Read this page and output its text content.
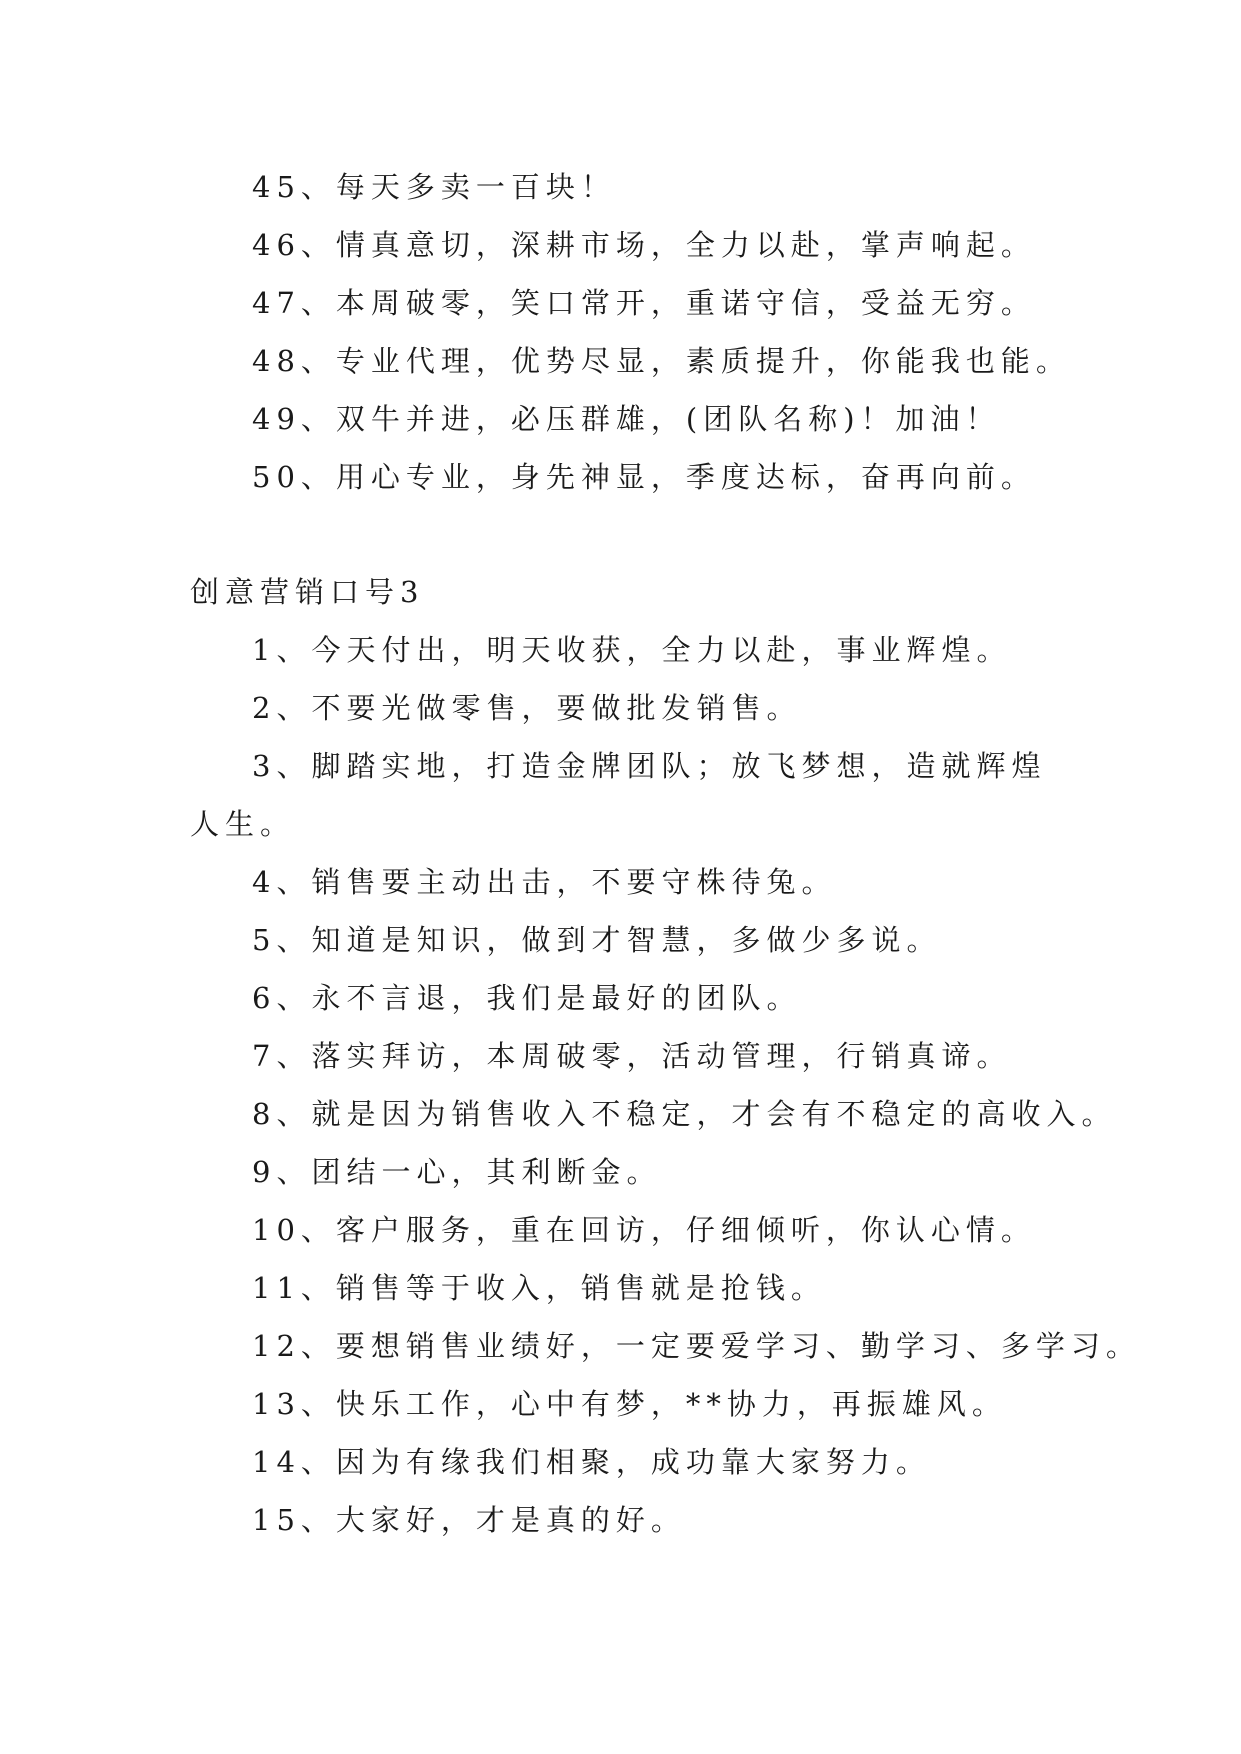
45、每天多卖一百块！
46、情真意切，深耕市场，全力以赴，掌声响起。
47、本周破零，笑口常开，重诺守信，受益无穷。
48、专业代理，优势尽显，素质提升，你能我也能。
49、双牛并进，必压群雄，(团队名称)！加油！
50、用心专业，身先神显，季度达标，奋再向前。
创意营销口号3
1、今天付出，明天收获，全力以赴，事业辉煌。
2、不要光做零售，要做批发销售。
3、脚踏实地，打造金牌团队；放飞梦想，造就辉煌人生。
4、销售要主动出击，不要守株待兔。
5、知道是知识，做到才智慧，多做少多说。
6、永不言退，我们是最好的团队。
7、落实拜访，本周破零，活动管理，行销真谛。
8、就是因为销售收入不稳定，才会有不稳定的高收入。
9、团结一心，其利断金。
10、客户服务，重在回访，仔细倾听，你认心情。
11、销售等于收入，销售就是抢钱。
12、要想销售业绩好，一定要爱学习、勤学习、多学习。
13、快乐工作，心中有梦，**协力，再振雄风。
14、因为有缘我们相聚，成功靠大家努力。
15、大家好，才是真的好。
